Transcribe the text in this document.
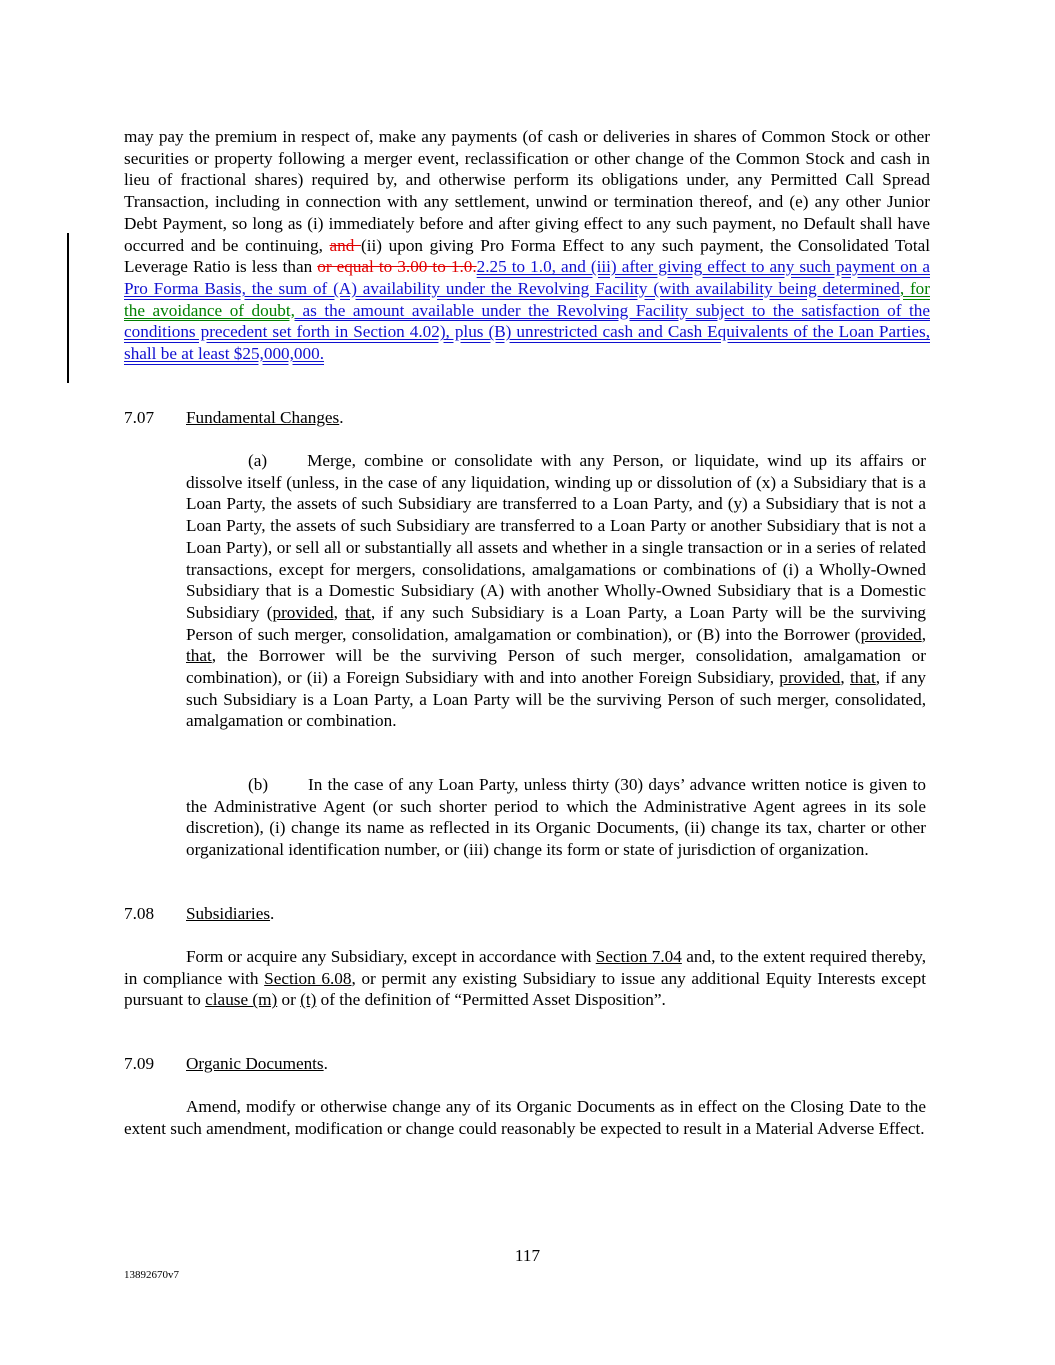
may pay the premium in respect of, make any payments (of cash or deliveries in shares of Common Stock or other securities or property following a merger event, reclassification or other change of the Common Stock and cash in lieu of fractional shares) required by, and otherwise perform its obligations under, any Permitted Call Spread Transaction, including in connection with any settlement, unwind or termination thereof, and (e) any other Junior Debt Payment, so long as (i) immediately before and after giving effect to any such payment, no Default shall have occurred and be continuing, and (ii) upon giving Pro Forma Effect to any such payment, the Consolidated Total Leverage Ratio is less than or equal to 3.00 to 1.0.2.25 to 1.0, and (iii) after giving effect to any such payment on a Pro Forma Basis, the sum of (A) availability under the Revolving Facility (with availability being determined, for the avoidance of doubt, as the amount available under the Revolving Facility subject to the satisfaction of the conditions precedent set forth in Section 4.02), plus (B) unrestricted cash and Cash Equivalents of the Loan Parties, shall be at least $25,000,000.
7.07 Fundamental Changes.
(a) Merge, combine or consolidate with any Person, or liquidate, wind up its affairs or dissolve itself (unless, in the case of any liquidation, winding up or dissolution of (x) a Subsidiary that is a Loan Party, the assets of such Subsidiary are transferred to a Loan Party, and (y) a Subsidiary that is not a Loan Party, the assets of such Subsidiary are transferred to a Loan Party or another Subsidiary that is not a Loan Party), or sell all or substantially all assets and whether in a single transaction or in a series of related transactions, except for mergers, consolidations, amalgamations or combinations of (i) a Wholly-Owned Subsidiary that is a Domestic Subsidiary (A) with another Wholly-Owned Subsidiary that is a Domestic Subsidiary (provided, that, if any such Subsidiary is a Loan Party, a Loan Party will be the surviving Person of such merger, consolidation, amalgamation or combination), or (B) into the Borrower (provided, that, the Borrower will be the surviving Person of such merger, consolidation, amalgamation or combination), or (ii) a Foreign Subsidiary with and into another Foreign Subsidiary, provided, that, if any such Subsidiary is a Loan Party, a Loan Party will be the surviving Person of such merger, consolidated, amalgamation or combination.
(b) In the case of any Loan Party, unless thirty (30) days’ advance written notice is given to the Administrative Agent (or such shorter period to which the Administrative Agent agrees in its sole discretion), (i) change its name as reflected in its Organic Documents, (ii) change its tax, charter or other organizational identification number, or (iii) change its form or state of jurisdiction of organization.
7.08 Subsidiaries.
Form or acquire any Subsidiary, except in accordance with Section 7.04 and, to the extent required thereby, in compliance with Section 6.08, or permit any existing Subsidiary to issue any additional Equity Interests except pursuant to clause (m) or (t) of the definition of “Permitted Asset Disposition”.
7.09 Organic Documents.
Amend, modify or otherwise change any of its Organic Documents as in effect on the Closing Date to the extent such amendment, modification or change could reasonably be expected to result in a Material Adverse Effect.
117
13892670v7
